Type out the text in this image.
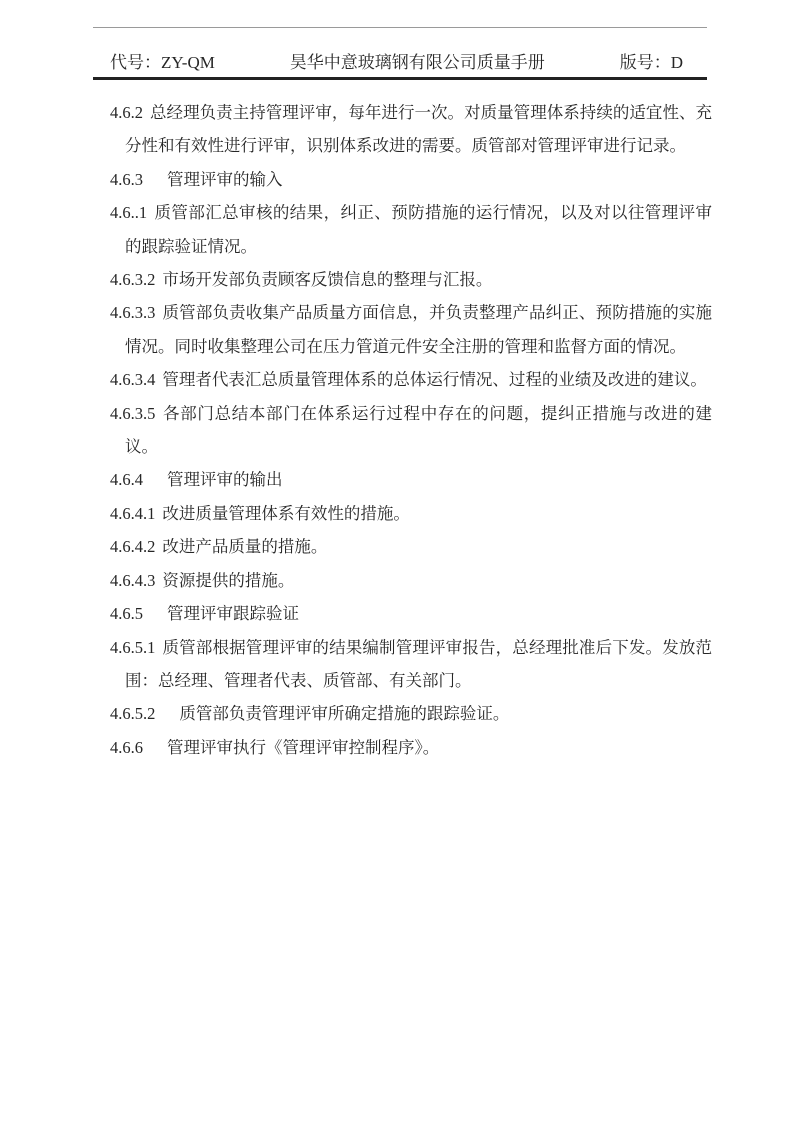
代号：ZY-QM	昊华中意玻璃钢有限公司质量手册	版号：D

4.6.2 总经理负责主持管理评审，每年进行一次。对质量管理体系持续的适宜性、充分性和有效性进行评审，识别体系改进的需要。质管部对管理评审进行记录。

4.6.3 管理评审的输入

4.6..1 质管部汇总审核的结果，纠正、预防措施的运行情况，以及对以往管理评审的跟踪验证情况。

4.6.3.2 市场开发部负责顾客反馈信息的整理与汇报。

4.6.3.3 质管部负责收集产品质量方面信息，并负责整理产品纠正、预防措施的实施情况。同时收集整理公司在压力管道元件安全注册的管理和监督方面的情况。

4.6.3.4 管理者代表汇总质量管理体系的总体运行情况、过程的业绩及改进的建议。

4.6.3.5 各部门总结本部门在体系运行过程中存在的问题，提纠正措施与改进的建议。

4.6.4 管理评审的输出

4.6.4.1 改进质量管理体系有效性的措施。

4.6.4.2 改进产品质量的措施。

4.6.4.3 资源提供的措施。

4.6.5 管理评审跟踪验证

4.6.5.1 质管部根据管理评审的结果编制管理评审报告，总经理批准后下发。发放范围：总经理、管理者代表、质管部、有关部门。

4.6.5.2 质管部负责管理评审所确定措施的跟踪验证。

4.6.6 管理评审执行《管理评审控制程序》。
